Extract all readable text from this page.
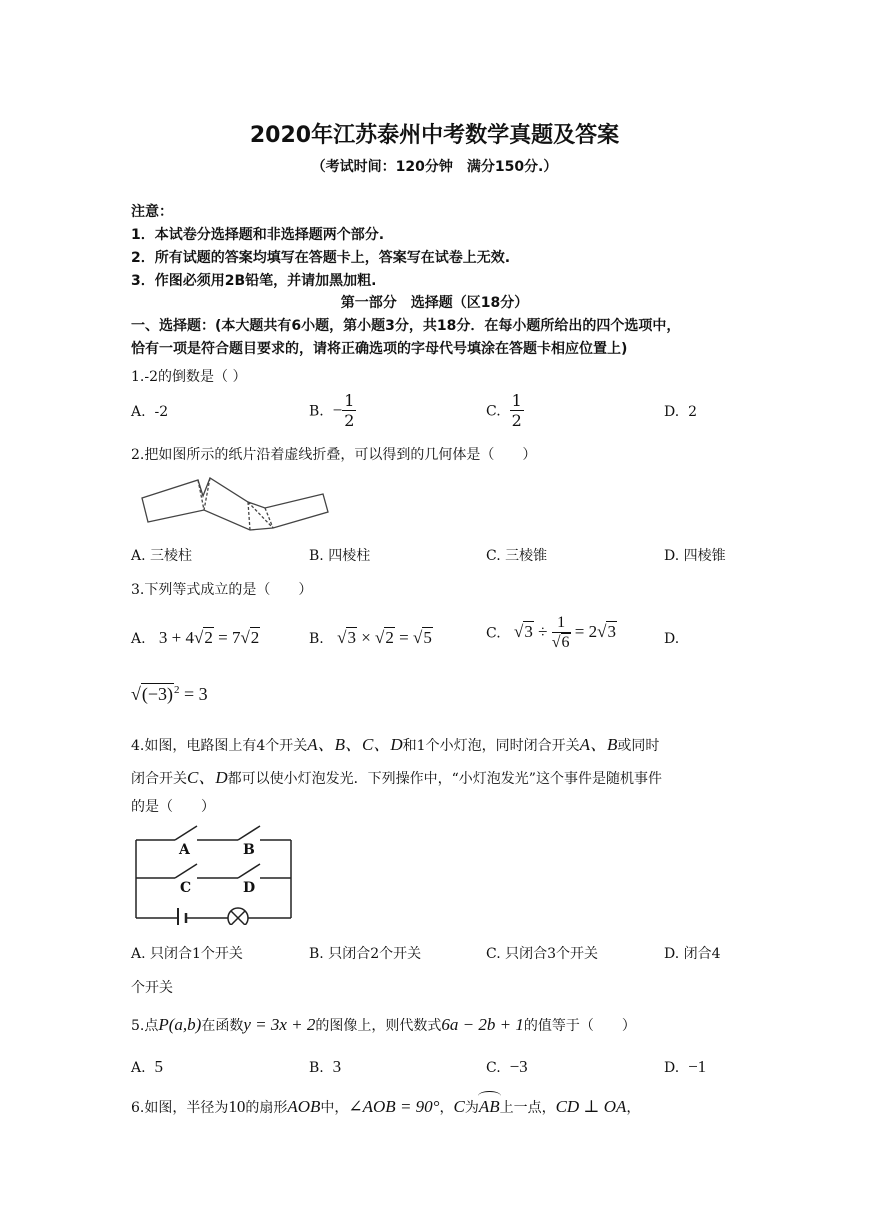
2020年江苏泰州中考数学真题及答案
（考试时间：120分钟　满分150分.）
注意：
1．本试卷分选择题和非选择题两个部分.
2．所有试题的答案均填写在答题卡上，答案写在试卷上无效.
3．作图必须用2B铅笔，并请加黑加粗.
第一部分　选择题（区18分）
一、选择题：(本大题共有6小题，第小题3分，共18分．在每小题所给出的四个选项中，
恰有一项是符合题目要求的，请将正确选项的字母代号填涂在答题卡相应位置上)
1.-2的倒数是（ ）
A. -2	B. − $\frac{1}{2}$	C. $\frac{1}{2}$	D. 2
2.把如图所示的纸片沿着虚线折叠，可以得到的几何体是（　　）
A. 三棱柱	B. 四棱柱	C. 三棱锥	D. 四棱锥
3.下列等式成立的是（　　）
A. 3 + 4√2 = 7√2	B. √3 × √2 = √5	C. $√3 \div \frac{1}{√6} = 2√3$	D.
$√(-3)^2 = 3$
4.如图，电路图上有4个开关A、B、C、D和1个小灯泡，同时闭合开关A、B或同时
闭合开关C、D都可以使小灯泡发光．下列操作中，“小灯泡发光”这个事件是随机事件
的是（　　）
A	B
C	D
A. 只闭合1个开关	B. 只闭合2个开关	C. 只闭合3个开关	D. 闭合4
个开关
5.点P(a,b)在函数y = 3x + 2的图像上，则代数式6a − 2b + 1的值等于（　　）
A. 5	B. 3	C. −3	D. −1
6.如图，半径为10的扇形AOB中，∠AOB = 90°，C为
AB上一点，CD ⊥ OA，
